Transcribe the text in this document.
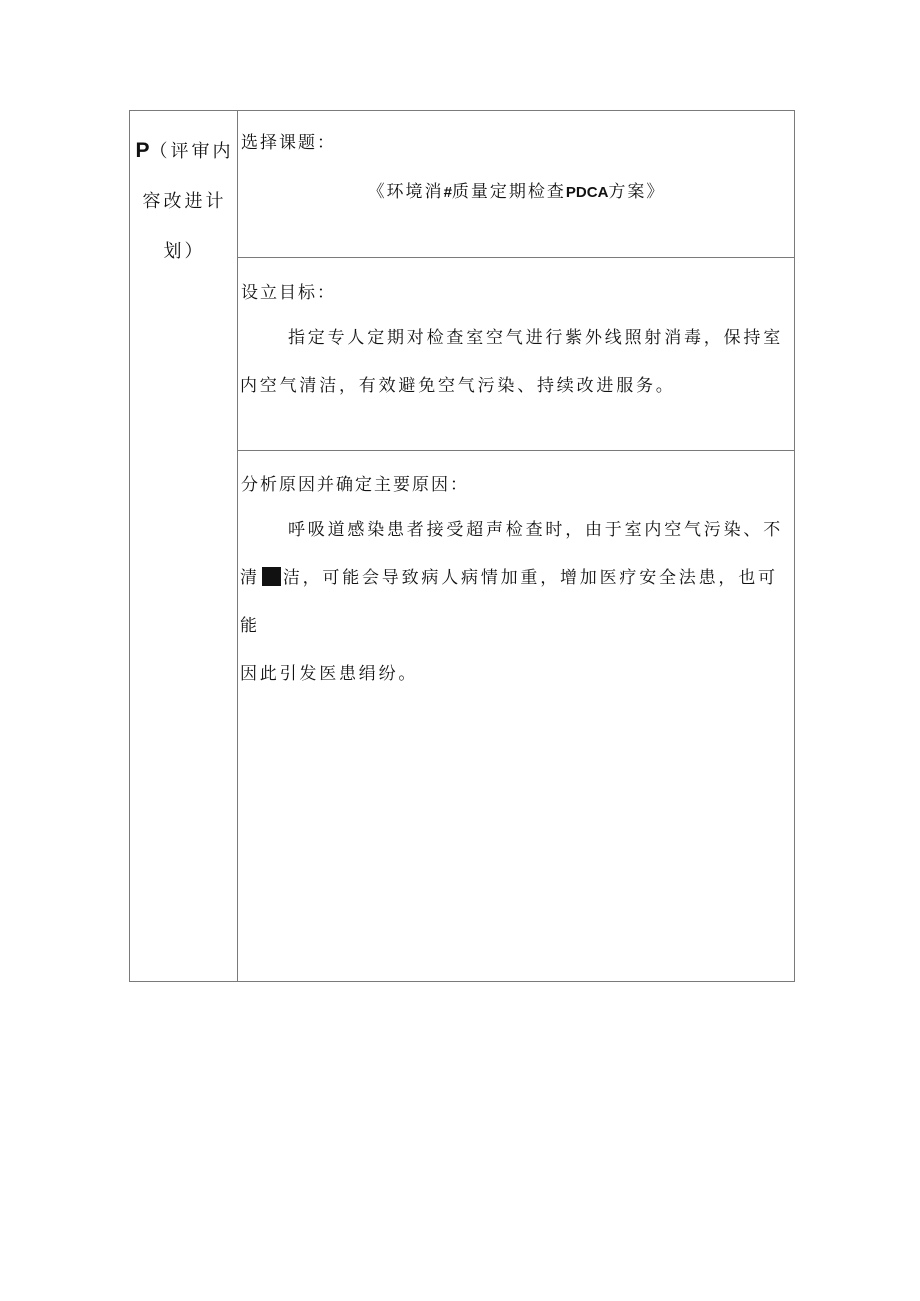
P（评审内容改进计划）
选择课题：
《环境消#质量定期检查PDCA方案》
设立目标：
指定专人定期对检查室空气进行紫外线照射消毒，保持室
内空气清洁，有效避免空气污染、持续改进服务。
分析原因并确定主要原因：
呼吸道感染患者接受超声检查时，由于室内空气污染、不
清 洁，可能会导致病人病情加重，增加医疗安全法患，也可能
因此引发医患绢纷。
